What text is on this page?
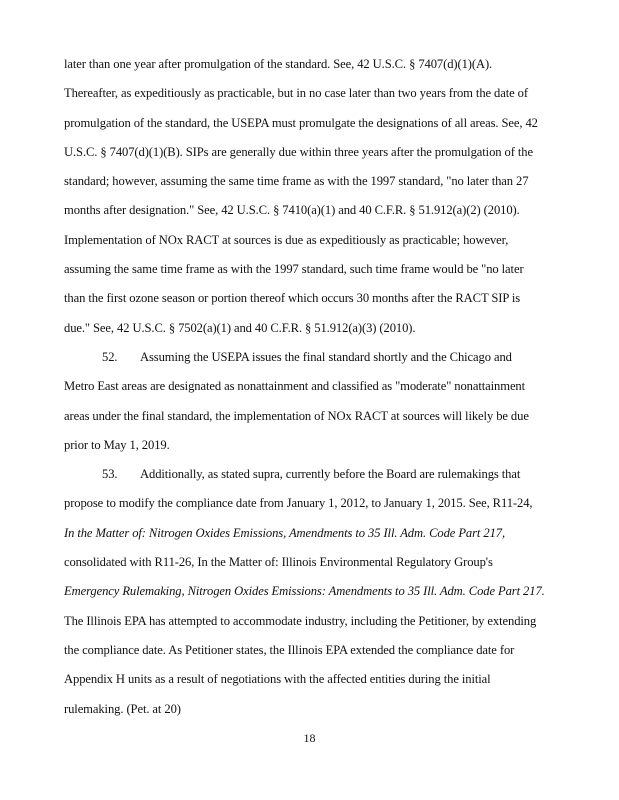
later than one year after promulgation of the standard. See, 42 U.S.C. § 7407(d)(1)(A).
Thereafter, as expeditiously as practicable, but in no case later than two years from the date of
promulgation of the standard, the USEPA must promulgate the designations of all areas. See, 42
U.S.C. § 7407(d)(1)(B). SIPs are generally due within three years after the promulgation of the
standard; however, assuming the same time frame as with the 1997 standard, "no later than 27
months after designation." See, 42 U.S.C. § 7410(a)(1) and 40 C.F.R. § 51.912(a)(2) (2010).
Implementation of NOx RACT at sources is due as expeditiously as practicable; however,
assuming the same time frame as with the 1997 standard, such time frame would be "no later
than the first ozone season or portion thereof which occurs 30 months after the RACT SIP is
due." See, 42 U.S.C. § 7502(a)(1) and 40 C.F.R. § 51.912(a)(3) (2010).
52. Assuming the USEPA issues the final standard shortly and the Chicago and
Metro East areas are designated as nonattainment and classified as "moderate" nonattainment
areas under the final standard, the implementation of NOx RACT at sources will likely be due
prior to May 1, 2019.
53. Additionally, as stated supra, currently before the Board are rulemakings that
propose to modify the compliance date from January 1, 2012, to January 1, 2015. See, R11-24,
In the Matter of: Nitrogen Oxides Emissions, Amendments to 35 Ill. Adm. Code Part 217,
consolidated with R11-26, In the Matter of: Illinois Environmental Regulatory Group's
Emergency Rulemaking, Nitrogen Oxides Emissions: Amendments to 35 Ill. Adm. Code Part 217.
The Illinois EPA has attempted to accommodate industry, including the Petitioner, by extending
the compliance date. As Petitioner states, the Illinois EPA extended the compliance date for
Appendix H units as a result of negotiations with the affected entities during the initial
rulemaking. (Pet. at 20)
18
